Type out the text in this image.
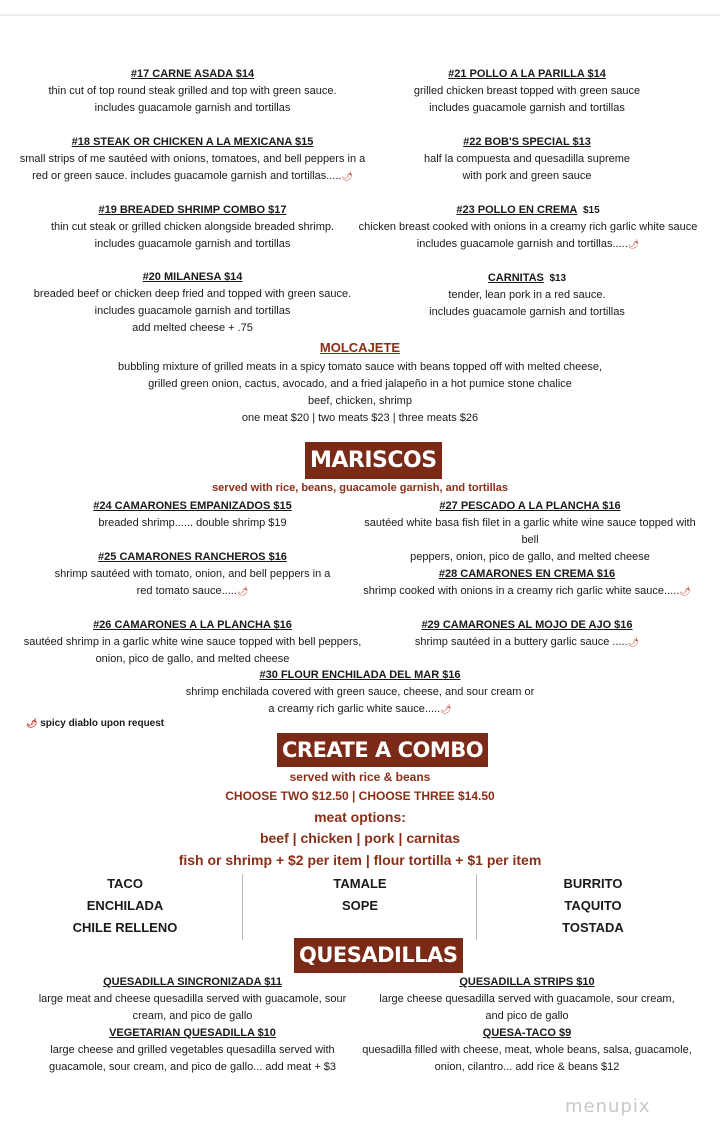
#17 CARNE ASADA $14
thin cut of top round steak grilled and top with green sauce.
includes guacamole garnish and tortillas
#18 STEAK OR CHICKEN A LA MEXICANA $15
small strips of me sautéed with onions, tomatoes, and bell peppers in a
red or green sauce. includes guacamole garnish and tortillas.....🌶
#19 BREADED SHRIMP COMBO $17
thin cut steak or grilled chicken alongside breaded shrimp.
includes guacamole garnish and tortillas
#20 MILANESA $14
breaded beef or chicken deep fried and topped with green sauce.
includes guacamole garnish and tortillas
add melted cheese + .75
#21 POLLO A LA PARILLA $14
grilled chicken breast topped with green sauce
includes guacamole garnish and tortillas
#22 BOB'S SPECIAL $13
half la compuesta and quesadilla supreme
with pork and green sauce
#23 POLLO EN CREMA $15
chicken breast cooked with onions in a creamy rich garlic white sauce
includes guacamole garnish and tortillas.....🌶
CARNITAS $13
tender, lean pork in a red sauce.
includes guacamole garnish and tortillas
MOLCAJETE
bubbling mixture of grilled meats in a spicy tomato sauce with beans topped off with melted cheese,
grilled green onion, cactus, avocado, and a fried jalapeño in a hot pumice stone chalice
beef, chicken, shrimp
one meat $20 | two meats $23 | three meats $26
MARISCOS
served with rice, beans, guacamole garnish, and tortillas
#24 CAMARONES EMPANIZADOS $15
breaded shrimp...... double shrimp $19
#25 CAMARONES RANCHEROS $16
shrimp sautéed with tomato, onion, and bell peppers in a
red tomato sauce.....🌶
#26 CAMARONES A LA PLANCHA $16
sautéed shrimp in a garlic white wine sauce topped with bell peppers,
onion, pico de gallo, and melted cheese
#27 PESCADO A LA PLANCHA $16
sautéed white basa fish filet in a garlic white wine sauce topped with bell
peppers, onion, pico de gallo, and melted cheese
#28 CAMARONES EN CREMA $16
shrimp cooked with onions in a creamy rich garlic white sauce.....🌶
#29 CAMARONES AL MOJO DE AJO $16
shrimp sautéed in a buttery garlic sauce .....🌶
#30 FLOUR ENCHILADA DEL MAR $16
shrimp enchilada covered with green sauce, cheese, and sour cream or
a creamy rich garlic white sauce.....🌶
🌶 spicy diablo upon request
CREATE A COMBO
served with rice & beans
CHOOSE TWO $12.50 | CHOOSE THREE $14.50
meat options:
beef | chicken | pork | carnitas
fish or shrimp + $2 per item | flour tortilla + $1 per item
TACO
ENCHILADA
CHILE RELLENO
TAMALE
SOPE
BURRITO
TAQUITO
TOSTADA
QUESADILLAS
QUESADILLA SINCRONIZADA $11
large meat and cheese quesadilla served with guacamole, sour
cream, and pico de gallo
VEGETARIAN QUESADILLA $10
large cheese and grilled vegetables quesadilla served with
guacamole, sour cream, and pico de gallo... add meat + $3
QUESADILLA STRIPS $10
large cheese quesadilla served with guacamole, sour cream,
and pico de gallo
QUESA-TACO $9
quesadilla filled with cheese, meat, whole beans, salsa, guacamole,
onion, cilantro... add rice & beans $12
menupix
